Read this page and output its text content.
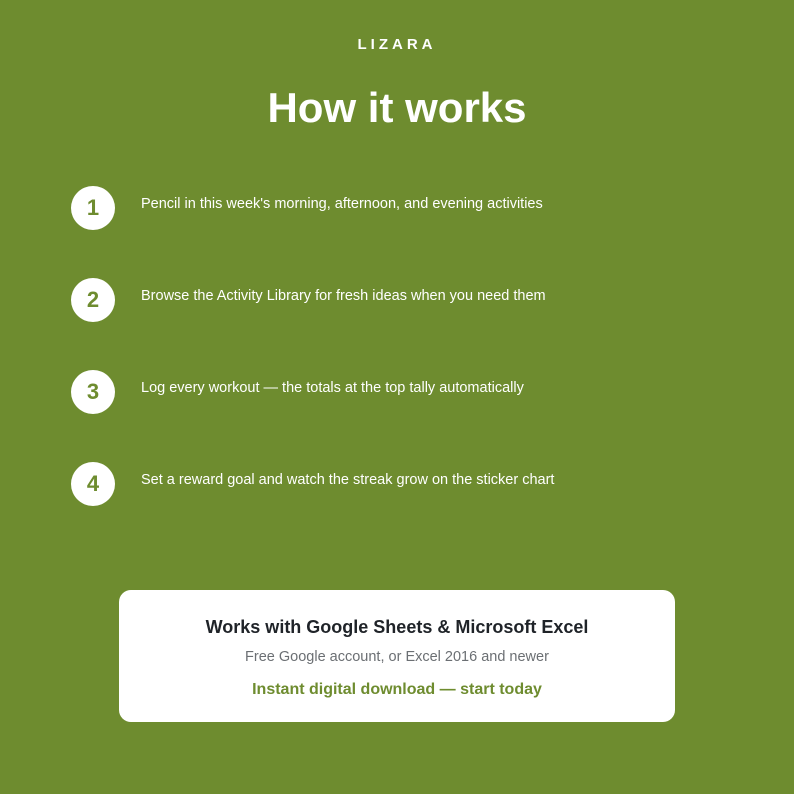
LIZARA
How it works
1	Pencil in this week's morning, afternoon, and evening activities
2	Browse the Activity Library for fresh ideas when you need them
3	Log every workout — the totals at the top tally automatically
4	Set a reward goal and watch the streak grow on the sticker chart
Works with Google Sheets & Microsoft Excel
Free Google account, or Excel 2016 and newer
Instant digital download — start today
